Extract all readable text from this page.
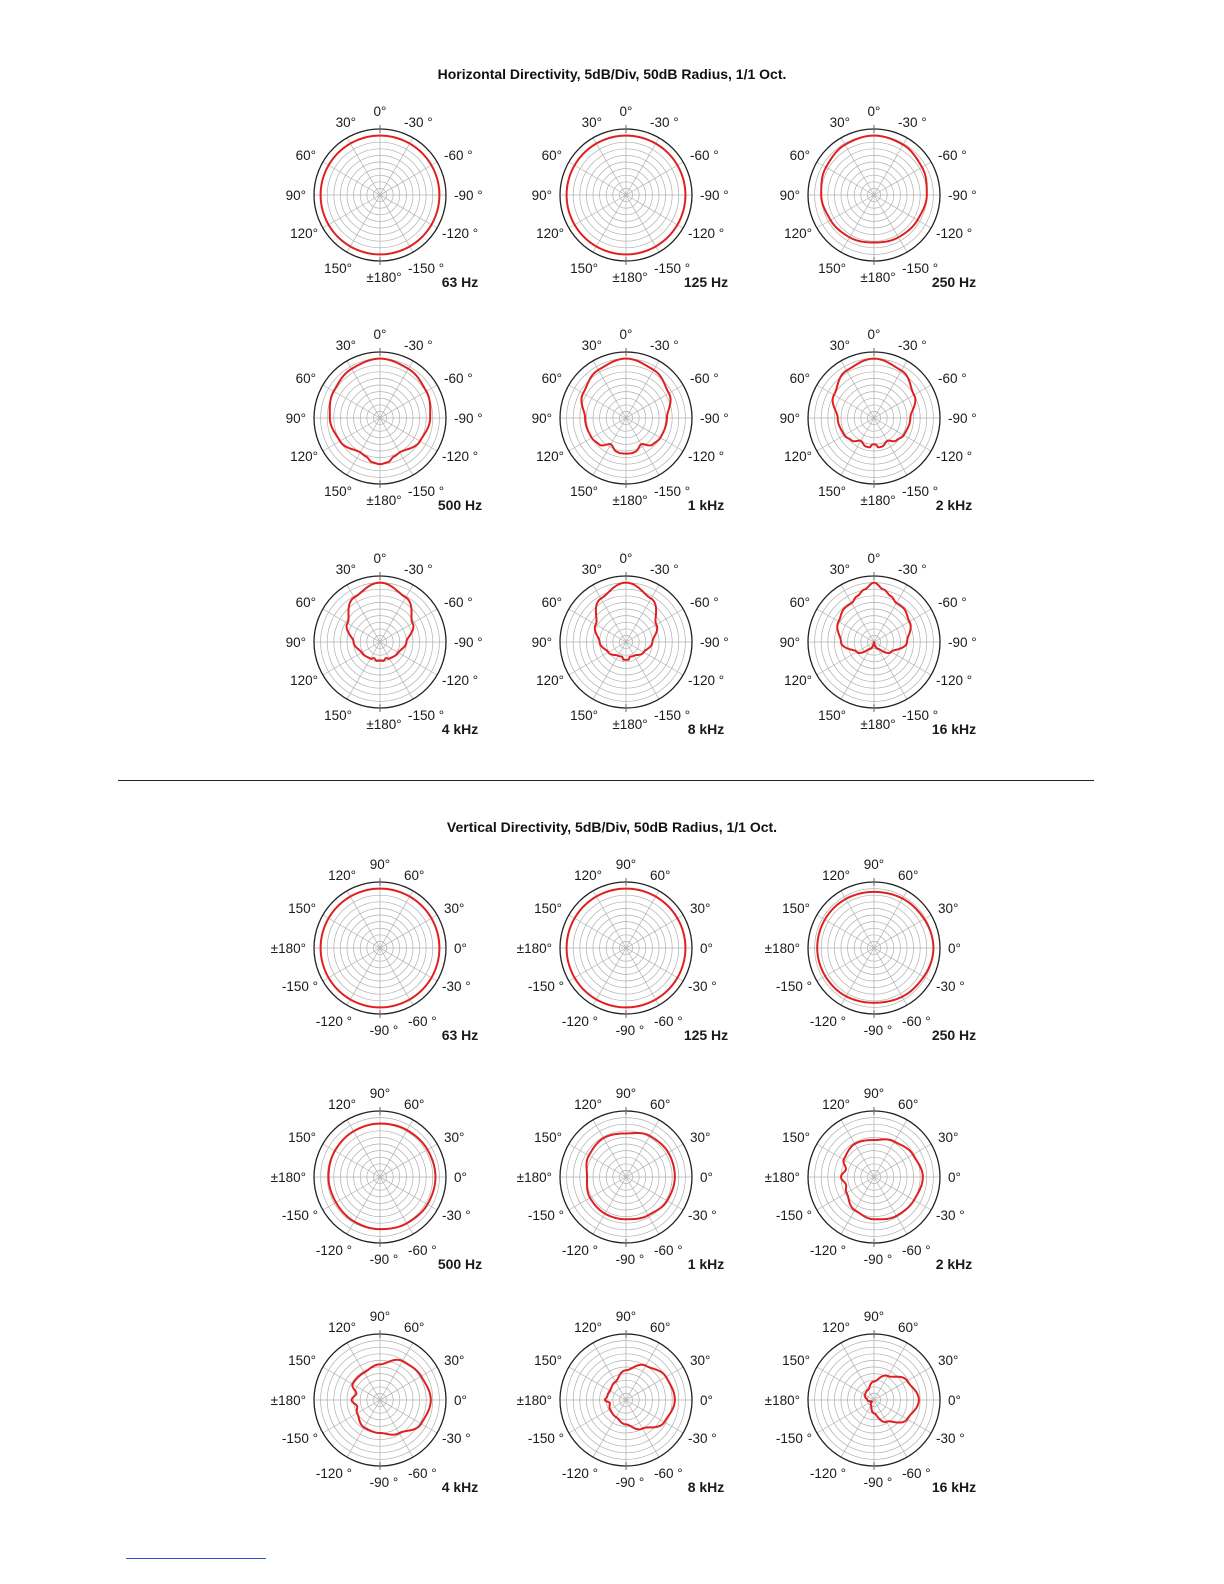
Horizontal Directivity, 5dB/Div, 50dB Radius, 1/1 Oct.
Vertical Directivity, 5dB/Div, 50dB Radius, 1/1 Oct.
0°
-30 °
-60 °
-90 °
-120 °
-150 °
±180°
150°
120°
90°
60°
30°
63 Hz
0°
-30 °
-60 °
-90 °
-120 °
-150 °
±180°
150°
120°
90°
60°
30°
125 Hz
0°
-30 °
-60 °
-90 °
-120 °
-150 °
±180°
150°
120°
90°
60°
30°
250 Hz
0°
-30 °
-60 °
-90 °
-120 °
-150 °
±180°
150°
120°
90°
60°
30°
500 Hz
0°
-30 °
-60 °
-90 °
-120 °
-150 °
±180°
150°
120°
90°
60°
30°
1 kHz
0°
-30 °
-60 °
-90 °
-120 °
-150 °
±180°
150°
120°
90°
60°
30°
2 kHz
0°
-30 °
-60 °
-90 °
-120 °
-150 °
±180°
150°
120°
90°
60°
30°
4 kHz
0°
-30 °
-60 °
-90 °
-120 °
-150 °
±180°
150°
120°
90°
60°
30°
8 kHz
0°
-30 °
-60 °
-90 °
-120 °
-150 °
±180°
150°
120°
90°
60°
30°
16 kHz
90°
60°
30°
0°
-30 °
-60 °
-90 °
-120 °
-150 °
±180°
150°
120°
63 Hz
90°
60°
30°
0°
-30 °
-60 °
-90 °
-120 °
-150 °
±180°
150°
120°
125 Hz
90°
60°
30°
0°
-30 °
-60 °
-90 °
-120 °
-150 °
±180°
150°
120°
250 Hz
90°
60°
30°
0°
-30 °
-60 °
-90 °
-120 °
-150 °
±180°
150°
120°
500 Hz
90°
60°
30°
0°
-30 °
-60 °
-90 °
-120 °
-150 °
±180°
150°
120°
1 kHz
90°
60°
30°
0°
-30 °
-60 °
-90 °
-120 °
-150 °
±180°
150°
120°
2 kHz
90°
60°
30°
0°
-30 °
-60 °
-90 °
-120 °
-150 °
±180°
150°
120°
4 kHz
90°
60°
30°
0°
-30 °
-60 °
-90 °
-120 °
-150 °
±180°
150°
120°
8 kHz
90°
60°
30°
0°
-30 °
-60 °
-90 °
-120 °
-150 °
±180°
150°
120°
16 kHz
